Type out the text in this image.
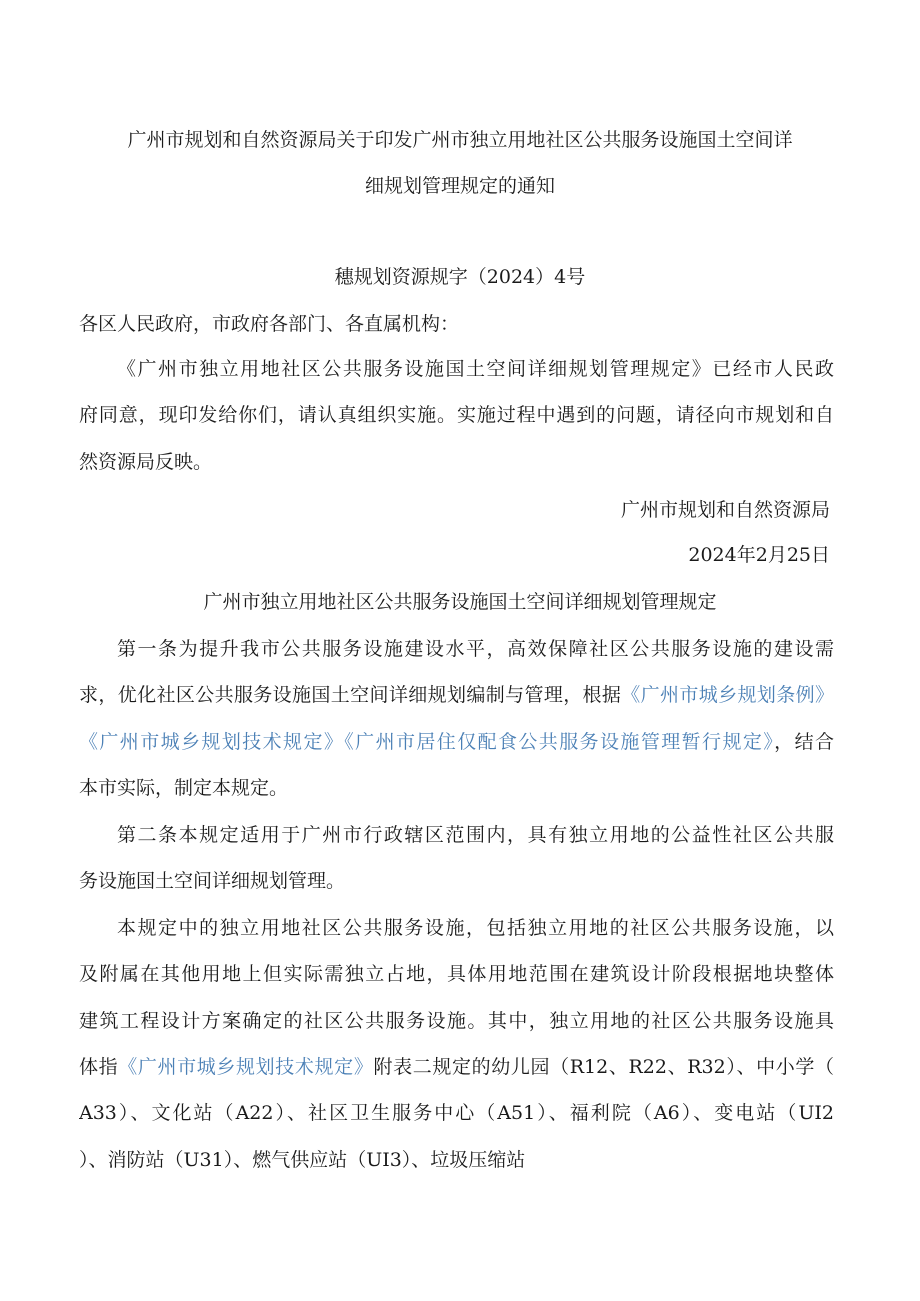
广州市规划和自然资源局关于印发广州市独立用地社区公共服务设施国土空间详
细规划管理规定的通知
穗规划资源规字（2024）4号
各区人民政府，市政府各部门、各直属机构：
《广州市独立用地社区公共服务设施国土空间详细规划管理规定》已经市人民政
府同意，现印发给你们，请认真组织实施。实施过程中遇到的问题，请径向市规划和自
然资源局反映。
广州市规划和自然资源局
2024年2月25日
广州市独立用地社区公共服务设施国土空间详细规划管理规定
第一条为提升我市公共服务设施建设水平，高效保障社区公共服务设施的建设需
求，优化社区公共服务设施国土空间详细规划编制与管理，根据《广州市城乡规划条例》
《广州市城乡规划技术规定》《广州市居住仅配食公共服务设施管理暂行规定》，结合
本市实际，制定本规定。
第二条本规定适用于广州市行政辖区范围内，具有独立用地的公益性社区公共服
务设施国土空间详细规划管理。
本规定中的独立用地社区公共服务设施，包括独立用地的社区公共服务设施，以
及附属在其他用地上但实际需独立占地，具体用地范围在建筑设计阶段根据地块整体
建筑工程设计方案确定的社区公共服务设施。其中，独立用地的社区公共服务设施具
体指《广州市城乡规划技术规定》附表二规定的幼儿园（R12、R22、R32）、中小学（
A33）、文化站（A22）、社区卫生服务中心（A51）、福利院（A6）、变电站（UI2
）、消防站（U31）、燃气供应站（UI3）、垃圾压缩站
